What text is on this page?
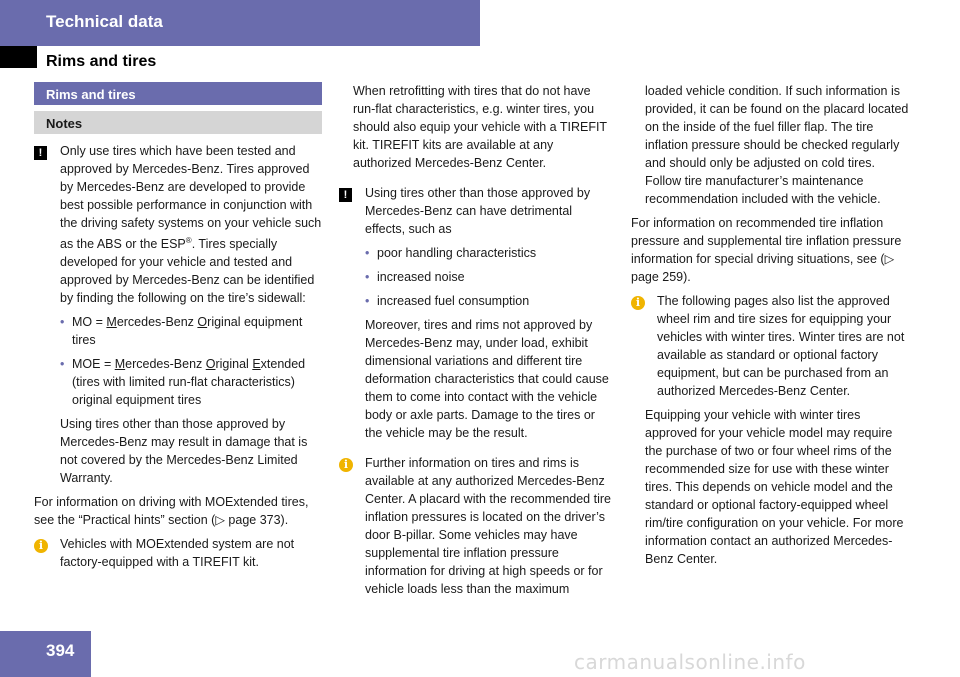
Technical data
Rims and tires
Rims and tires
Notes

! Only use tires which have been tested and approved by Mercedes-Benz. Tires approved by Mercedes-Benz are developed to provide best possible performance in conjunction with the driving safety systems on your vehicle such as the ABS or the ESP®. Tires specially developed for your vehicle and tested and approved by Mercedes-Benz can be identified by finding the following on the tire’s sidewall:

• MO = Mercedes-Benz Original equipment tires

• MOE = Mercedes-Benz Original Extended (tires with limited run-flat characteristics) original equipment tires

Using tires other than those approved by Mercedes-Benz may result in damage that is not covered by the Mercedes-Benz Limited Warranty.

For information on driving with MOExtended tires, see the “Practical hints” section (▷ page 373).

i Vehicles with MOExtended system are not factory-equipped with a TIREFIT kit.

When retrofitting with tires that do not have run-flat characteristics, e.g. winter tires, you should also equip your vehicle with a TIREFIT kit. TIREFIT kits are available at any authorized Mercedes-Benz Center.

! Using tires other than those approved by Mercedes-Benz can have detrimental effects, such as

• poor handling characteristics

• increased noise

• increased fuel consumption

Moreover, tires and rims not approved by Mercedes-Benz may, under load, exhibit dimensional variations and different tire deformation characteristics that could cause them to come into contact with the vehicle body or axle parts. Damage to the tires or the vehicle may be the result.

i Further information on tires and rims is available at any authorized Mercedes-Benz Center. A placard with the recommended tire inflation pressures is located on the driver’s door B-pillar. Some vehicles may have supplemental tire inflation pressure information for driving at high speeds or for vehicle loads less than the maximum

loaded vehicle condition. If such information is provided, it can be found on the placard located on the inside of the fuel filler flap. The tire inflation pressure should be checked regularly and should only be adjusted on cold tires. Follow tire manufacturer’s maintenance recommendation included with the vehicle.

For information on recommended tire inflation pressure and supplemental tire inflation pressure information for special driving situations, see (▷ page 259).

i The following pages also list the approved wheel rim and tire sizes for equipping your vehicles with winter tires. Winter tires are not available as standard or optional factory equipment, but can be purchased from an authorized Mercedes-Benz Center.

Equipping your vehicle with winter tires approved for your vehicle model may require the purchase of two or four wheel rims of the recommended size for use with these winter tires. This depends on vehicle model and the standard or optional factory-equipped wheel rim/tire configuration on your vehicle. For more information contact an authorized Mercedes-Benz Center.

394	carmanualsonline.info
